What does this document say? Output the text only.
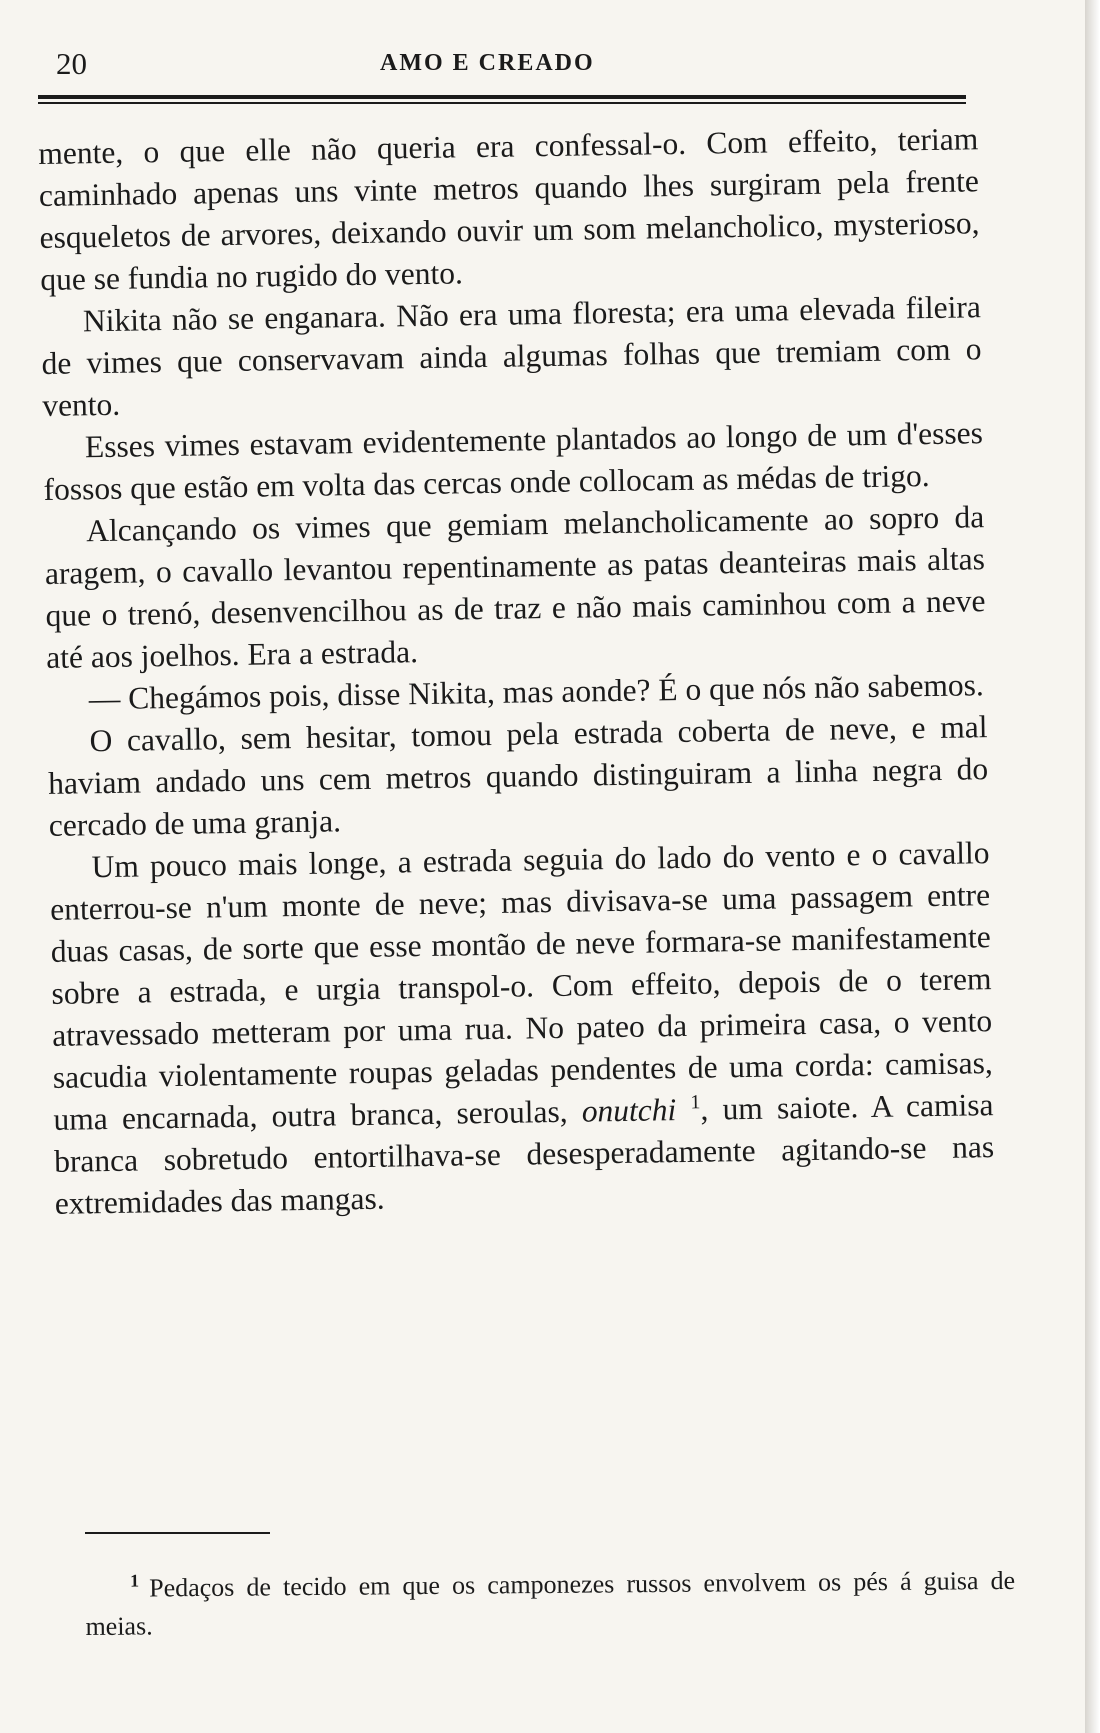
20	AMO E CREADO

mente, o que elle não queria era confessal-o. Com effeito, teriam caminhado apenas uns vinte metros quando lhes surgiram pela frente esqueletos de arvores, deixando ouvir um som melancholico, mysterioso, que se fundia no rugido do vento.

Nikita não se enganara. Não era uma floresta; era uma elevada fileira de vimes que conservavam ainda algumas folhas que tremiam com o vento.

Esses vimes estavam evidentemente plantados ao longo de um d'esses fossos que estão em volta das cercas onde collocam as médas de trigo.

Alcançando os vimes que gemiam melancholicamente ao sopro da aragem, o cavallo levantou repentinamente as patas deanteiras mais altas que o trenó, desenvencilhou as de traz e não mais caminhou com a neve até aos joelhos. Era a estrada.

— Chegámos pois, disse Nikita, mas aonde? É o que nós não sabemos.

O cavallo, sem hesitar, tomou pela estrada coberta de neve, e mal haviam andado uns cem metros quando distinguiram a linha negra do cercado de uma granja.

Um pouco mais longe, a estrada seguia do lado do vento e o cavallo enterrou-se n'um monte de neve; mas divisava-se uma passagem entre duas casas, de sorte que esse montão de neve formara-se manifestamente sobre a estrada, e urgia transpol-o. Com effeito, depois de o terem atravessado metteram por uma rua. No pateo da primeira casa, o vento sacudia violentamente roupas geladas pendentes de uma corda: camisas, uma encarnada, outra branca, seroulas, onutchi $^1$, um saiote. A camisa branca sobretudo entortilhava-se desesperadamente agitando-se nas extremidades das mangas.

$^1$ Pedaços de tecido em que os camponezes russos envolvem os pés á guisa de meias.
